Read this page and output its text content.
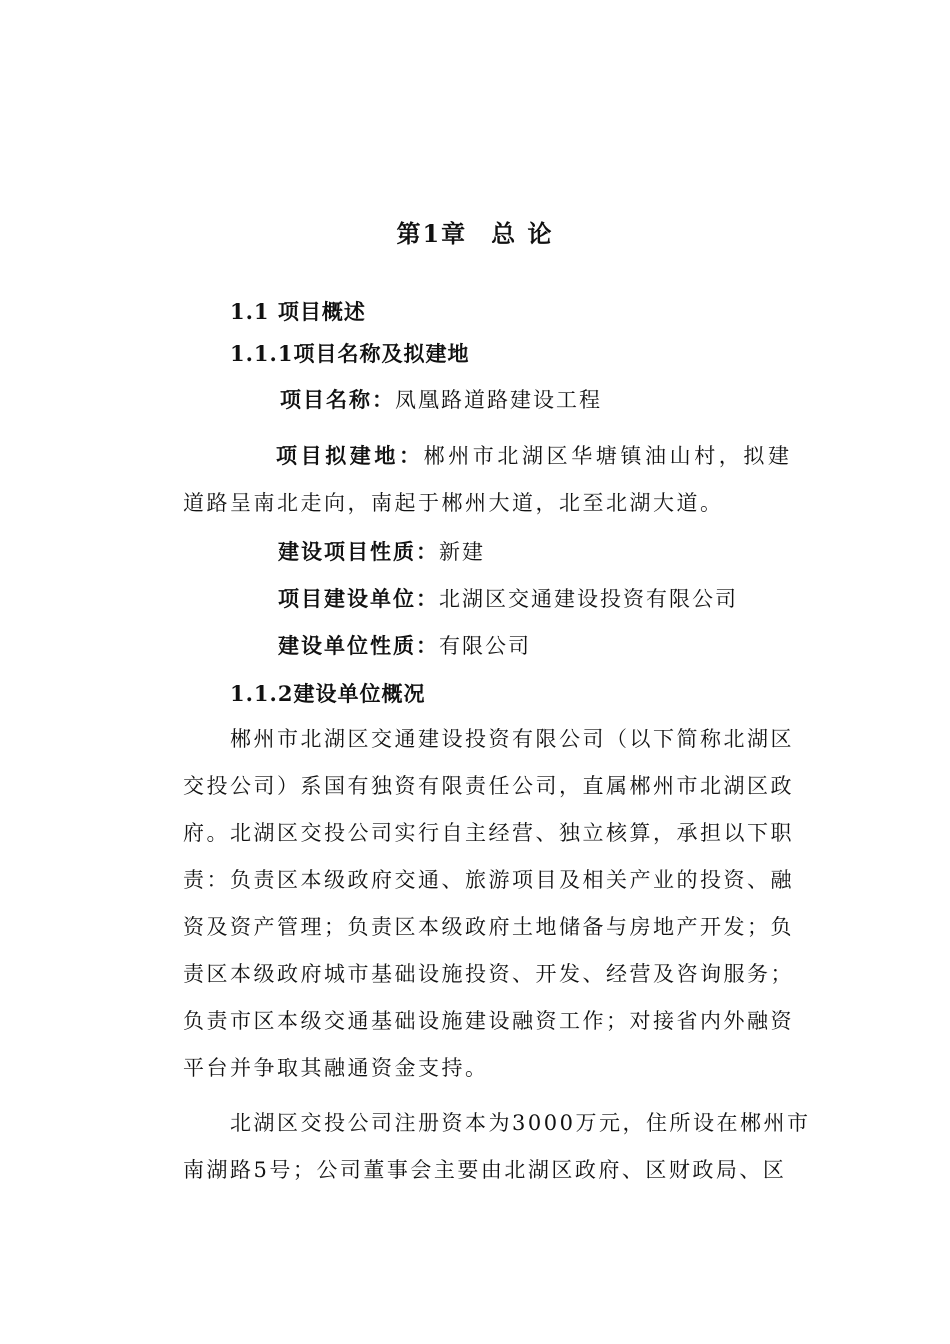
第1章 总 论
1.1 项目概述
1.1.1项目名称及拟建地
项目名称：凤凰路道路建设工程
项目拟建地：郴州市北湖区华塘镇油山村，拟建
道路呈南北走向，南起于郴州大道，北至北湖大道。
建设项目性质：新建
项目建设单位：北湖区交通建设投资有限公司
建设单位性质：有限公司
1.1.2建设单位概况
郴州市北湖区交通建设投资有限公司（以下简称北湖区
交投公司）系国有独资有限责任公司，直属郴州市北湖区政
府。北湖区交投公司实行自主经营、独立核算，承担以下职
责：负责区本级政府交通、旅游项目及相关产业的投资、融
资及资产管理；负责区本级政府土地储备与房地产开发；负
责区本级政府城市基础设施投资、开发、经营及咨询服务；
负责市区本级交通基础设施建设融资工作；对接省内外融资
平台并争取其融通资金支持。
北湖区交投公司注册资本为3000万元，住所设在郴州市
南湖路5号；公司董事会主要由北湖区政府、区财政局、区
